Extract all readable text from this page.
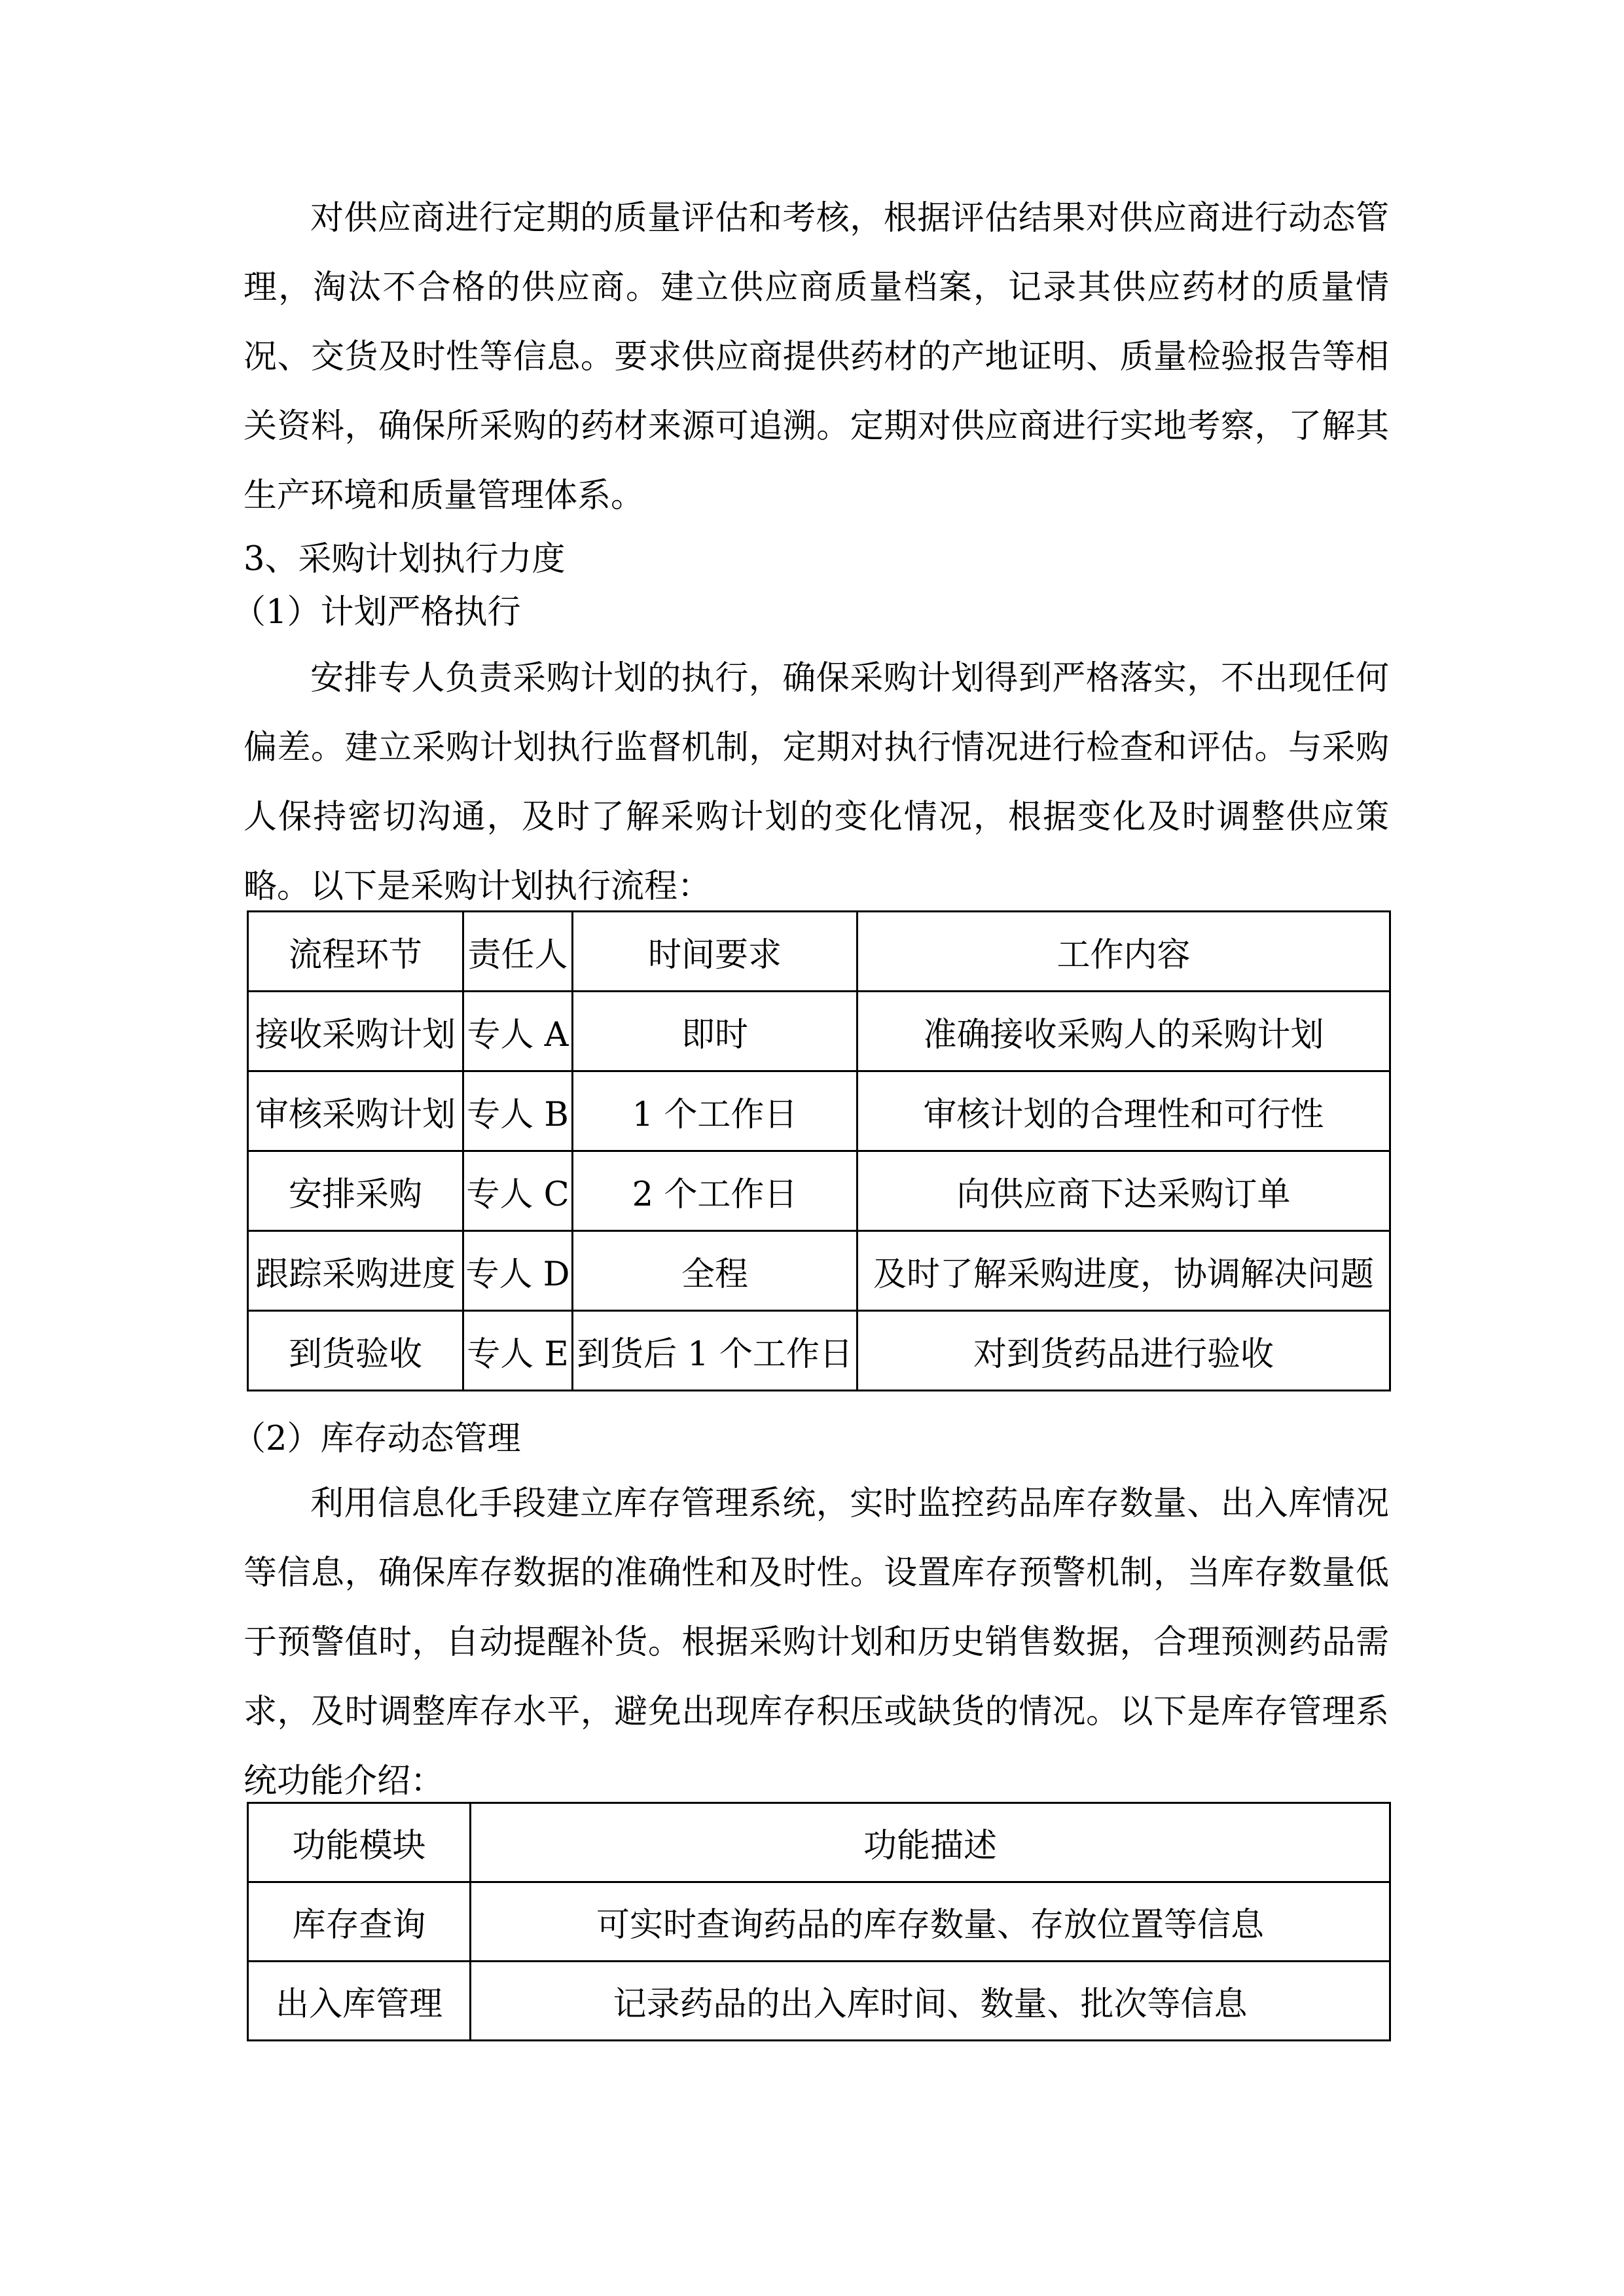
对供应商进行定期的质量评估和考核，根据评估结果对供应商进行动态管
理，淘汰不合格的供应商。建立供应商质量档案，记录其供应药材的质量情
况、交货及时性等信息。要求供应商提供药材的产地证明、质量检验报告等相
关资料，确保所采购的药材来源可追溯。定期对供应商进行实地考察，了解其
生产环境和质量管理体系。
3、采购计划执行力度
（1）计划严格执行
安排专人负责采购计划的执行，确保采购计划得到严格落实，不出现任何
偏差。建立采购计划执行监督机制，定期对执行情况进行检查和评估。与采购
人保持密切沟通，及时了解采购计划的变化情况，根据变化及时调整供应策
略。以下是采购计划执行流程：
流程环节	责任人	时间要求	工作内容
接收采购计划	专人 A	即时	准确接收采购人的采购计划
审核采购计划	专人 B	1 个工作日	审核计划的合理性和可行性
安排采购	专人 C	2 个工作日	向供应商下达采购订单
跟踪采购进度	专人 D	全程	及时了解采购进度，协调解决问题
到货验收	专人 E	到货后 1 个工作日	对到货药品进行验收
（2）库存动态管理
利用信息化手段建立库存管理系统，实时监控药品库存数量、出入库情况
等信息，确保库存数据的准确性和及时性。设置库存预警机制，当库存数量低
于预警值时，自动提醒补货。根据采购计划和历史销售数据，合理预测药品需
求，及时调整库存水平，避免出现库存积压或缺货的情况。以下是库存管理系
统功能介绍：
功能模块	功能描述
库存查询	可实时查询药品的库存数量、存放位置等信息
出入库管理	记录药品的出入库时间、数量、批次等信息
